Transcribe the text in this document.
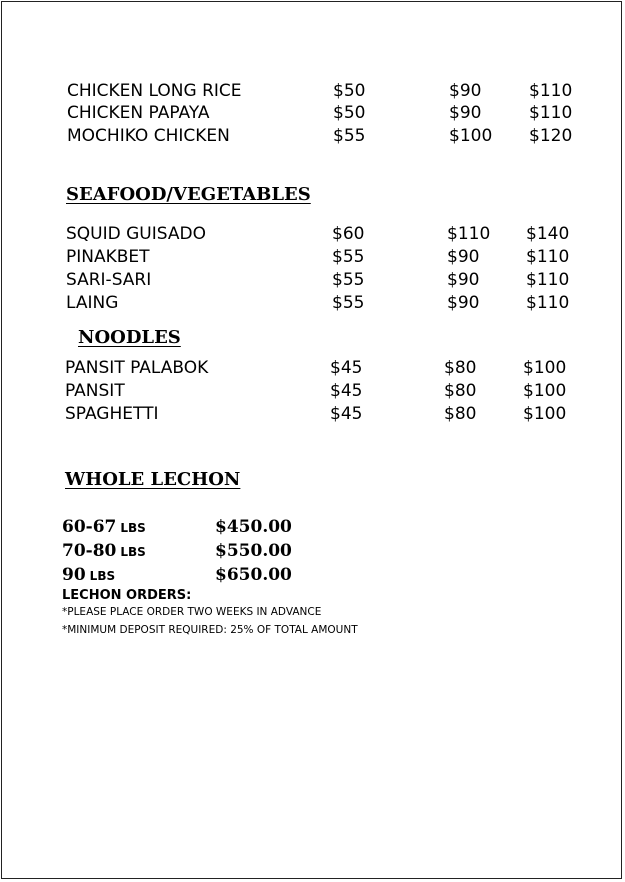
CHICKEN LONG RICE	$50	$90	$110
CHICKEN PAPAYA	$50	$90	$110
MOCHIKO CHICKEN	$55	$100 $120
SEAFOOD/VEGETABLES
SQUID GUISADO	$60	$110 $140
PINAKBET	$55	$90	$110
SARI-SARI	$55	$90	$110
LAING	$55	$90	$110
NOODLES
PANSIT PALABOK	$45	$80	$100
PANSIT	$45	$80	$100
SPAGHETTI	$45	$80	$100
WHOLE LECHON
60-67 LBS	$450.00
70-80 LBS	$550.00
90 LBS	$650.00
LECHON ORDERS:
*PLEASE PLACE ORDER TWO WEEKS IN ADVANCE
*MINIMUM DEPOSIT REQUIRED: 25% OF TOTAL AMOUNT
